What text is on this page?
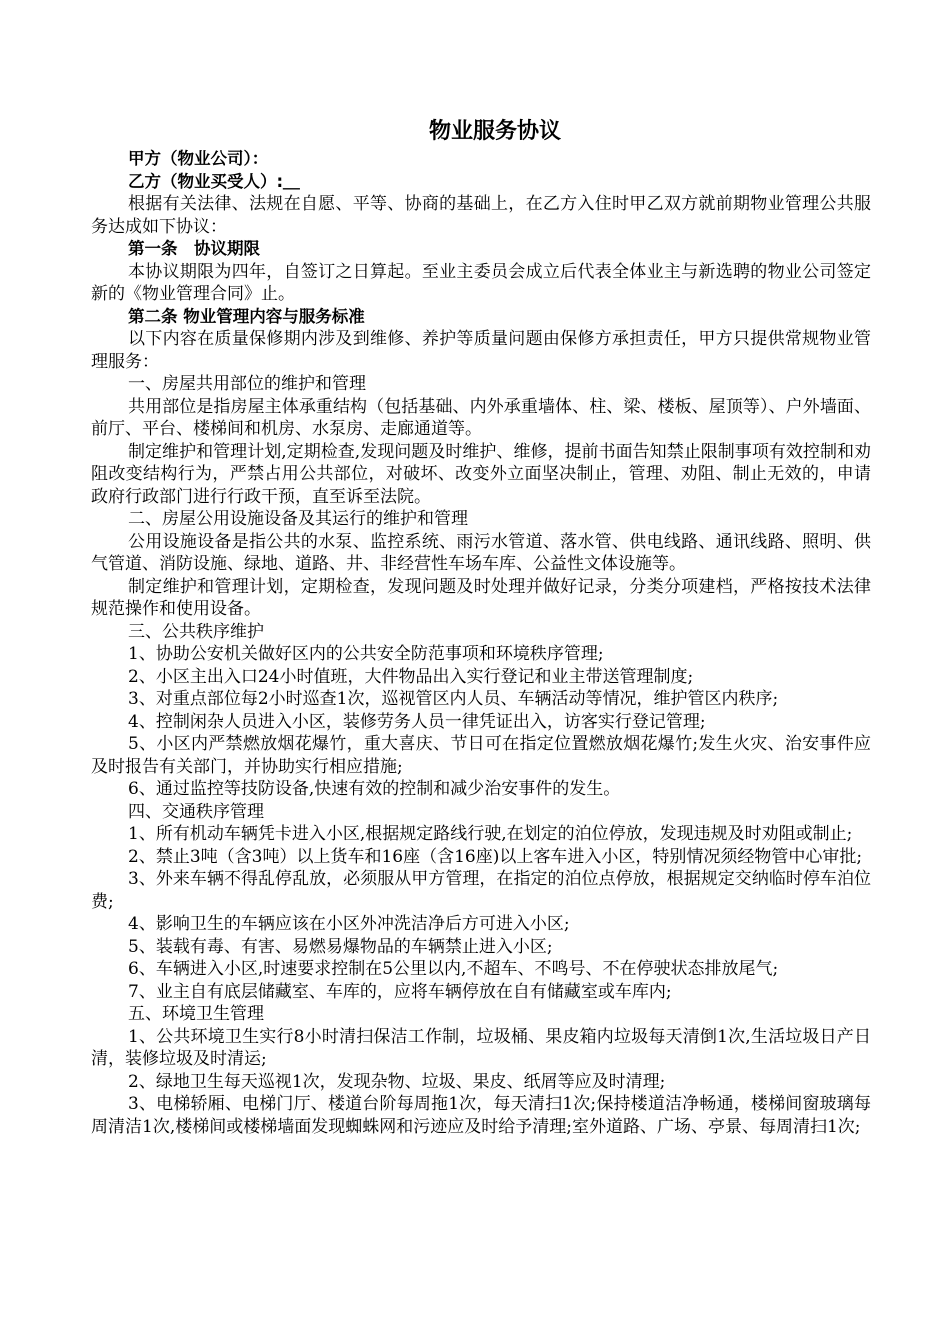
物业服务协议

甲方（物业公司）：

乙方（物业买受人）:＿

根据有关法律、法规在自愿、平等、协商的基础上，在乙方入住时甲乙双方就前期物业管理公共服务达成如下协议：

第一条　协议期限

本协议期限为四年，自签订之日算起。至业主委员会成立后代表全体业主与新选聘的物业公司签定新的《物业管理合同》止。

第二条 物业管理内容与服务标准

以下内容在质量保修期内涉及到维修、养护等质量问题由保修方承担责任，甲方只提供常规物业管理服务：

一、房屋共用部位的维护和管理

共用部位是指房屋主体承重结构（包括基础、内外承重墙体、柱、梁、楼板、屋顶等）、户外墙面、前厅、平台、楼梯间和机房、水泵房、走廊通道等。

制定维护和管理计划,定期检查,发现问题及时维护、维修，提前书面告知禁止限制事项有效控制和劝阻改变结构行为，严禁占用公共部位，对破坏、改变外立面坚决制止，管理、劝阻、制止无效的，申请政府行政部门进行行政干预，直至诉至法院。

二、房屋公用设施设备及其运行的维护和管理

公用设施设备是指公共的水泵、监控系统、雨污水管道、落水管、供电线路、通讯线路、照明、供气管道、消防设施、绿地、道路、井、非经营性车场车库、公益性文体设施等。

制定维护和管理计划，定期检查，发现问题及时处理并做好记录，分类分项建档，严格按技术法律规范操作和使用设备。

三、公共秩序维护

1、协助公安机关做好区内的公共安全防范事项和环境秩序管理;

2、小区主出入口24小时值班，大件物品出入实行登记和业主带送管理制度;

3、对重点部位每2小时巡查1次，巡视管区内人员、车辆活动等情况，维护管区内秩序;

4、控制闲杂人员进入小区，装修劳务人员一律凭证出入，访客实行登记管理;

5、小区内严禁燃放烟花爆竹，重大喜庆、节日可在指定位置燃放烟花爆竹;发生火灾、治安事件应及时报告有关部门，并协助实行相应措施;

6、通过监控等技防设备,快速有效的控制和减少治安事件的发生。

四、交通秩序管理

1、所有机动车辆凭卡进入小区,根据规定路线行驶,在划定的泊位停放，发现违规及时劝阻或制止;

2、禁止3吨（含3吨）以上货车和16座（含16座)以上客车进入小区，特别情况须经物管中心审批;

3、外来车辆不得乱停乱放，必须服从甲方管理，在指定的泊位点停放，根据规定交纳临时停车泊位费;

4、影响卫生的车辆应该在小区外冲洗洁净后方可进入小区;

5、装载有毒、有害、易燃易爆物品的车辆禁止进入小区;

6、车辆进入小区,时速要求控制在5公里以内,不超车、不鸣号、不在停驶状态排放尾气;

7、业主自有底层储藏室、车库的，应将车辆停放在自有储藏室或车库内;

五、环境卫生管理

1、公共环境卫生实行8小时清扫保洁工作制，垃圾桶、果皮箱内垃圾每天清倒1次,生活垃圾日产日清，装修垃圾及时清运;

2、绿地卫生每天巡视1次，发现杂物、垃圾、果皮、纸屑等应及时清理;

3、电梯轿厢、电梯门厅、楼道台阶每周拖1次，每天清扫1次;保持楼道洁净畅通，楼梯间窗玻璃每周清洁1次,楼梯间或楼梯墙面发现蜘蛛网和污迹应及时给予清理;室外道路、广场、亭景、每周清扫1次;
